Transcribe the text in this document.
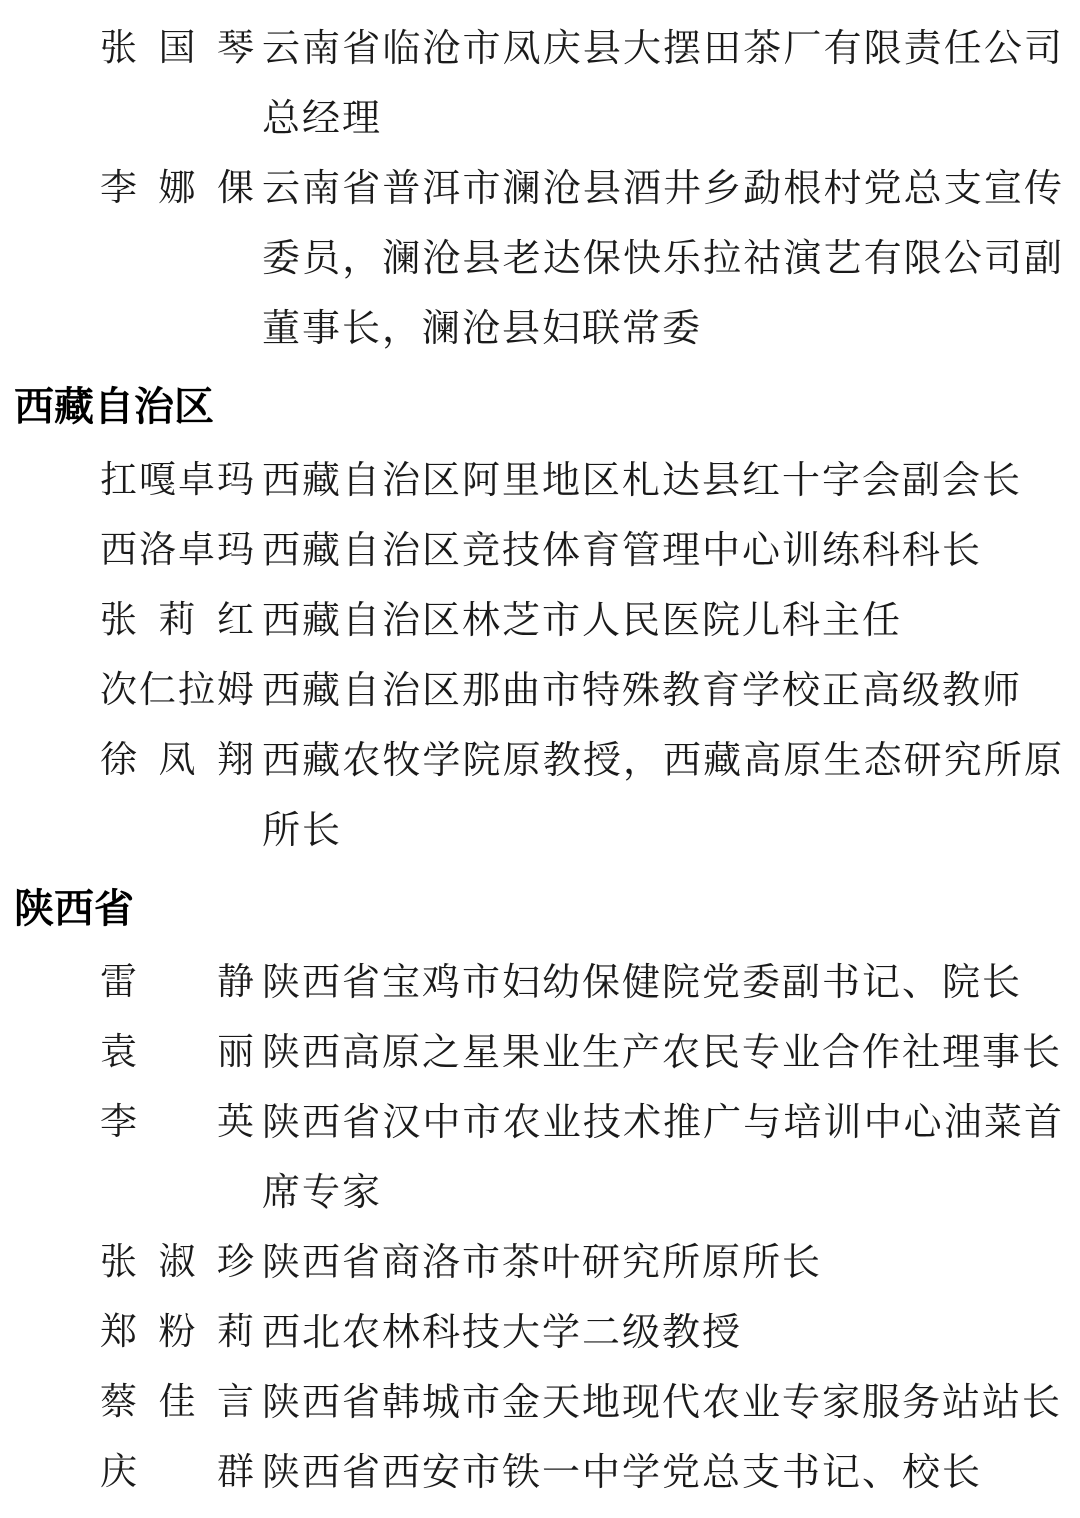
张国琴 云南省临沧市凤庆县大摆田茶厂有限责任公司总经理
李娜倮 云南省普洱市澜沧县酒井乡勐根村党总支宣传委员，澜沧县老达保快乐拉祜演艺有限公司副董事长，澜沧县妇联常委
西藏自治区
扛嘎卓玛 西藏自治区阿里地区札达县红十字会副会长
西洛卓玛 西藏自治区竞技体育管理中心训练科科长
张莉红 西藏自治区林芝市人民医院儿科主任
次仁拉姆 西藏自治区那曲市特殊教育学校正高级教师
徐凤翔 西藏农牧学院原教授，西藏高原生态研究所原所长
陕西省
雷　静 陕西省宝鸡市妇幼保健院党委副书记、院长
袁　丽 陕西高原之星果业生产农民专业合作社理事长
李　英 陕西省汉中市农业技术推广与培训中心油菜首席专家
张淑珍 陕西省商洛市茶叶研究所原所长
郑粉莉 西北农林科技大学二级教授
蔡佳言 陕西省韩城市金天地现代农业专家服务站站长
庆　群 陕西省西安市铁一中学党总支书记、校长
